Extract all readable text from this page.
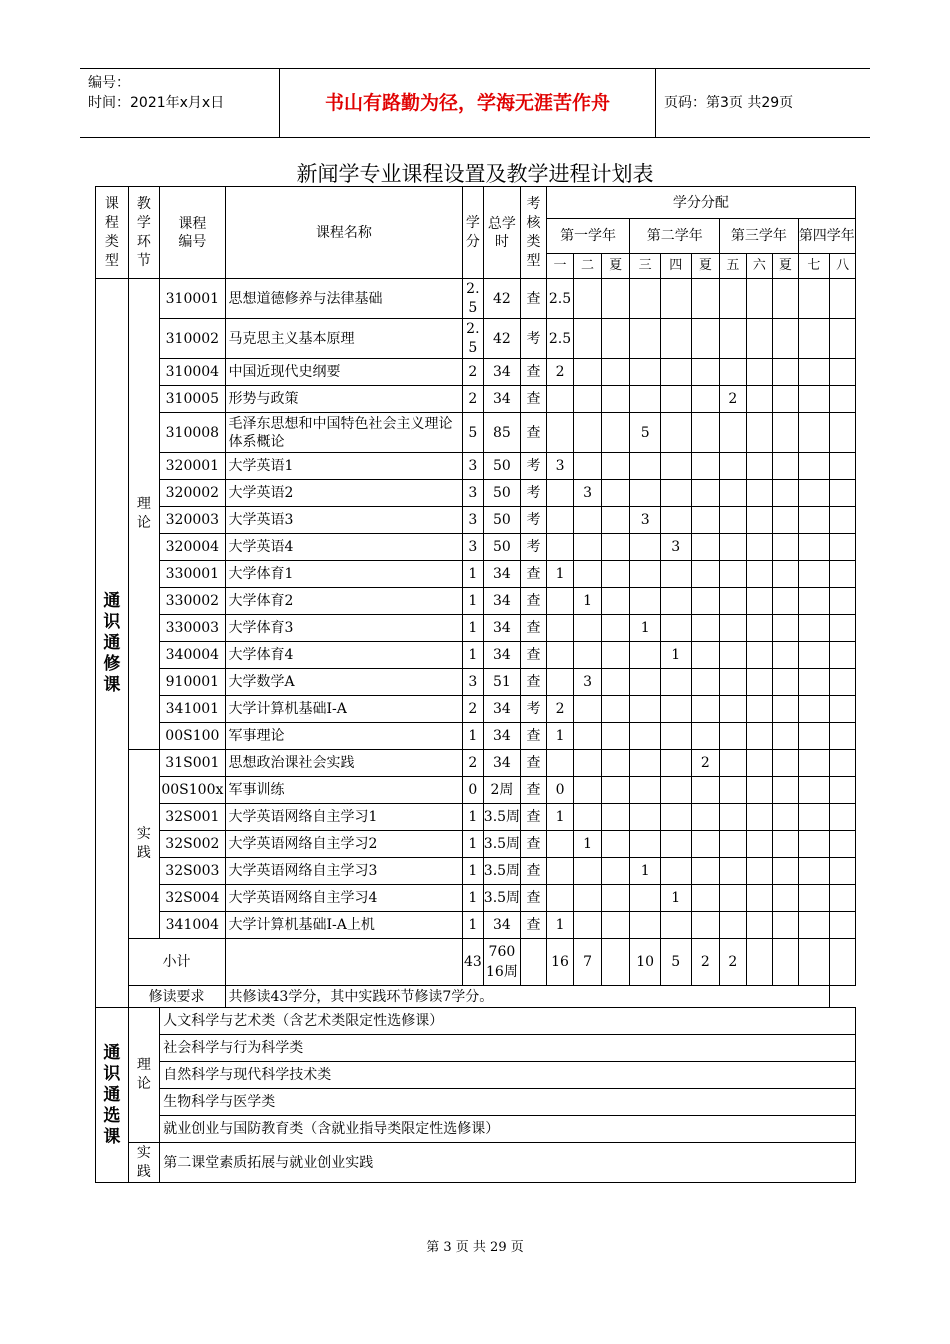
编号：
时间：2021年x月x日	书山有路勤为径，学海无涯苦作舟	页码：第3页 共29页
新闻学专业课程设置及教学进程计划表
课程类型	教学环节	课程编号	课程名称	学分	总学时	考核类型	学分分配										
							第一学年			第二学年			第三学年			第四学年	
							一	二	夏	三	四	夏	五	六	夏	七	八
通识通修课	理论	310001	思想道德修养与法律基础	2.5	42	查	2.5										
		310002	马克思主义基本原理	2.5	42	考	2.5										
		310004	中国近现代史纲要	2	34	查	2										
		310005	形势与政策	2	34	查							2				
		310008	毛泽东思想和中国特色社会主义理论体系概论	5	85	查				5							
		320001	大学英语1	3	50	考	3										
		320002	大学英语2	3	50	考		3									
		320003	大学英语3	3	50	考				3							
		320004	大学英语4	3	50	考					3						
		330001	大学体育1	1	34	查	1										
		330002	大学体育2	1	34	查		1									
		330003	大学体育3	1	34	查				1							
		340004	大学体育4	1	34	查					1						
		910001	大学数学A	3	51	查		3									
		341001	大学计算机基础Ⅰ-A	2	34	考	2										
		00S100	军事理论	1	34	查	1										
	实践	31S001	思想政治课社会实践	2	34	查						2					
		00S100x	军事训练	0	2周	查	0										
		32S001	大学英语网络自主学习1	1	3.5周	查	1										
		32S002	大学英语网络自主学习2	1	3.5周	查		1									
		32S003	大学英语网络自主学习3	1	3.5周	查				1							
		32S004	大学英语网络自主学习4	1	3.5周	查					1						
		341004	大学计算机基础Ⅰ-A上机	1	34	查	1										
	小计			43	760 16周		16	7		10	5	2	2				
	修读要求		共修读43学分，其中实践环节修读7学分。														
通识通选课	理论	人文科学与艺术类（含艺术类限定性选修课）															
		社会科学与行为科学类															
		自然科学与现代科学技术类															
		生物科学与医学类															
		就业创业与国防教育类（含就业指导类限定性选修课）															
	实践	第二课堂素质拓展与就业创业实践															
第 3 页 共 29 页
